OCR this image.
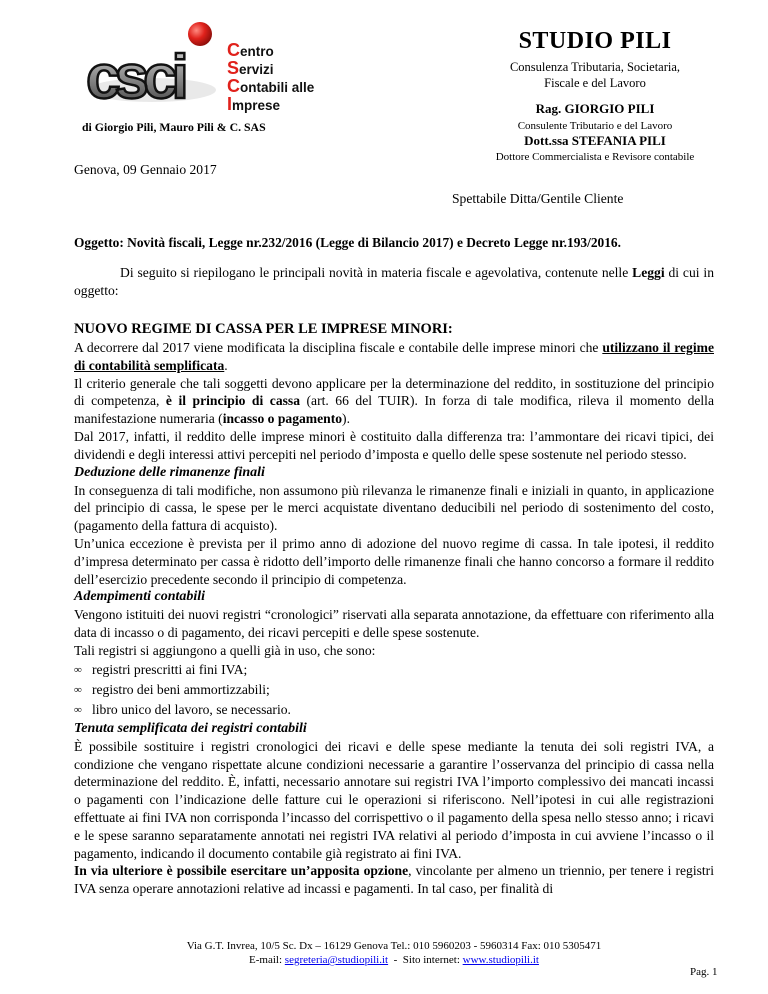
csci Centro
Servizi
Contabili alle
Imprese
di Giorgio Pili, Mauro Pili & C. SAS
STUDIO PILI
Consulenza Tributaria, Societaria,
Fiscale e del Lavoro
Rag. GIORGIO PILI
Consulente Tributario e del Lavoro
Dott.ssa STEFANIA PILI
Dottore Commercialista e Revisore contabile
Genova, 09 Gennaio 2017
Spettabile Ditta/Gentile Cliente
Oggetto: Novità fiscali, Legge nr.232/2016 (Legge di Bilancio 2017) e Decreto Legge nr.193/2016.
Di seguito si riepilogano le principali novità in materia fiscale e agevolativa, contenute nelle Leggi di cui in oggetto:
NUOVO REGIME DI CASSA PER LE IMPRESE MINORI:
A decorrere dal 2017 viene modificata la disciplina fiscale e contabile delle imprese minori che utilizzano il regime di contabilità semplificata.
Il criterio generale che tali soggetti devono applicare per la determinazione del reddito, in sostituzione del principio di competenza, è il principio di cassa (art. 66 del TUIR). In forza di tale modifica, rileva il momento della manifestazione numeraria (incasso o pagamento).
Dal 2017, infatti, il reddito delle imprese minori è costituito dalla differenza tra: l’ammontare dei ricavi tipici, dei dividendi e degli interessi attivi percepiti nel periodo d’imposta e quello delle spese sostenute nel periodo stesso.
Deduzione delle rimanenze finali
In conseguenza di tali modifiche, non assumono più rilevanza le rimanenze finali e iniziali in quanto, in applicazione del principio di cassa, le spese per le merci acquistate diventano deducibili nel periodo di sostenimento del costo, (pagamento della fattura di acquisto).
Un’unica eccezione è prevista per il primo anno di adozione del nuovo regime di cassa. In tale ipotesi, il reddito d’impresa determinato per cassa è ridotto dell’importo delle rimanenze finali che hanno concorso a formare il reddito dell’esercizio precedente secondo il principio di competenza.
Adempimenti contabili
Vengono istituiti dei nuovi registri “cronologici” riservati alla separata annotazione, da effettuare con riferimento alla data di incasso o di pagamento, dei ricavi percepiti e delle spese sostenute.
Tali registri si aggiungono a quelli già in uso, che sono:
∞ registri prescritti ai fini IVA;
∞ registro dei beni ammortizzabili;
∞ libro unico del lavoro, se necessario.
Tenuta semplificata dei registri contabili
È possibile sostituire i registri cronologici dei ricavi e delle spese mediante la tenuta dei soli registri IVA, a condizione che vengano rispettate alcune condizioni necessarie a garantire l’osservanza del principio di cassa nella determinazione del reddito. È, infatti, necessario annotare sui registri IVA l’importo complessivo dei mancati incassi o pagamenti con l’indicazione delle fatture cui le operazioni si riferiscono. Nell’ipotesi in cui alle registrazioni effettuate ai fini IVA non corrisponda l’incasso del corrispettivo o il pagamento della spesa nello stesso anno; i ricavi e le spese saranno separatamente annotati nei registri IVA relativi al periodo d’imposta in cui avviene l’incasso o il pagamento, indicando il documento contabile già registrato ai fini IVA.
In via ulteriore è possibile esercitare un’apposita opzione, vincolante per almeno un triennio, per tenere i registri IVA senza operare annotazioni relative ad incassi e pagamenti. In tal caso, per finalità di
Via G.T. Invrea, 10/5 Sc. Dx – 16129 Genova Tel.: 010 5960203 - 5960314 Fax: 010 5305471
E-mail: segreteria@studiopili.it  -  Sito internet: www.studiopili.it
Pag. 1
